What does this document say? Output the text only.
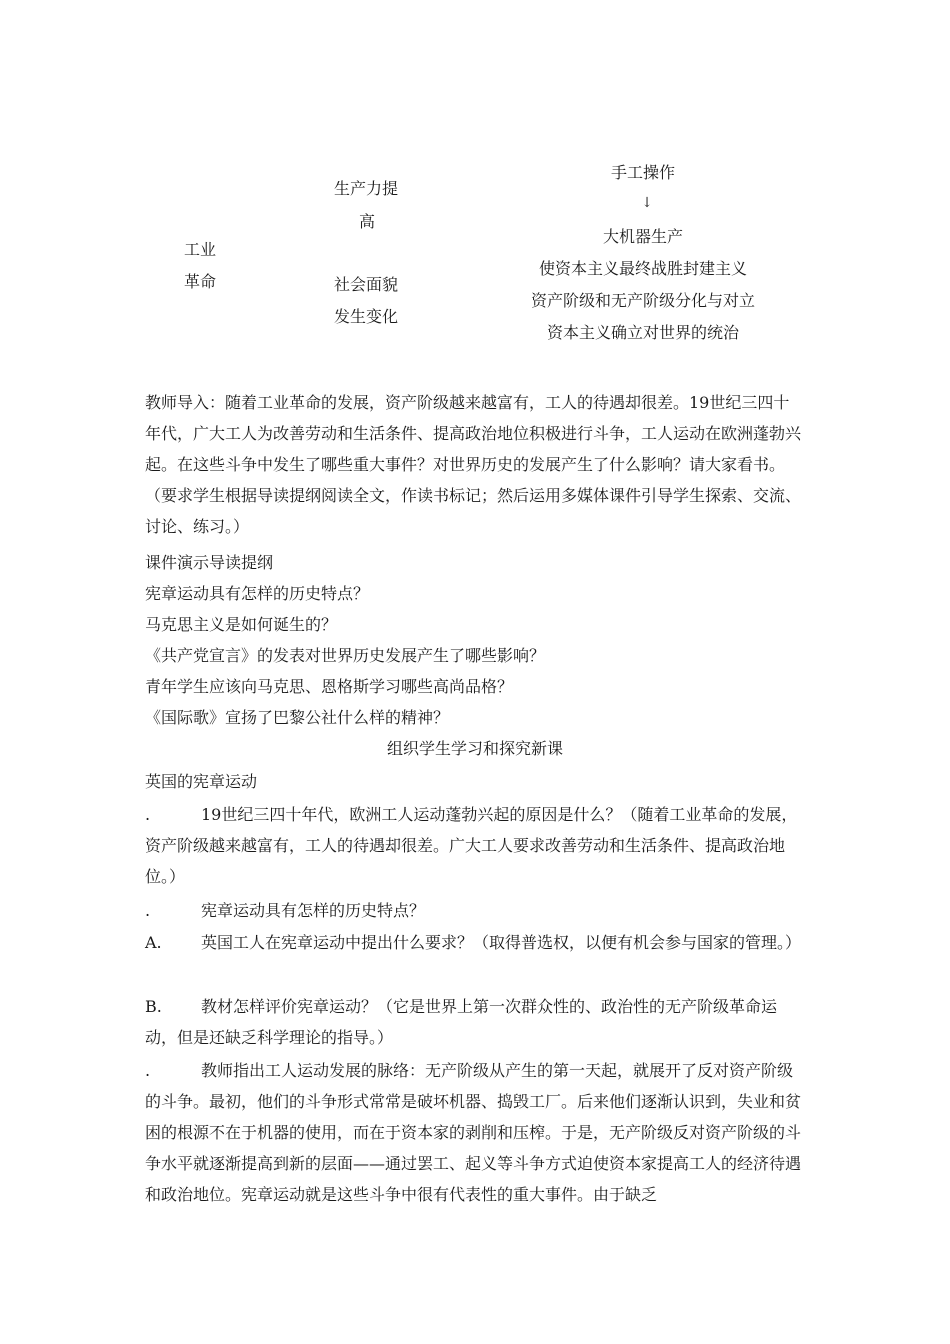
工业
革命
生产力提
高
社会面貌
发生变化
手工操作
↓
大机器生产
使资本主义最终战胜封建主义
资产阶级和无产阶级分化与对立
资本主义确立对世界的统治

教师导入：随着工业革命的发展，资产阶级越来越富有，工人的待遇却很差。19世纪三四十年代，广大工人为改善劳动和生活条件、提高政治地位积极进行斗争，工人运动在欧洲蓬勃兴起。在这些斗争中发生了哪些重大事件？对世界历史的发展产生了什么影响？请大家看书。（要求学生根据导读提纲阅读全文，作读书标记；然后运用多媒体课件引导学生探索、交流、讨论、练习。）

课件演示导读提纲
宪章运动具有怎样的历史特点？
马克思主义是如何诞生的？
《共产党宣言》的发表对世界历史发展产生了哪些影响？
青年学生应该向马克思、恩格斯学习哪些高尚品格？
《国际歌》宣扬了巴黎公社什么样的精神？
组织学生学习和探究新课
英国的宪章运动

.	19世纪三四十年代，欧洲工人运动蓬勃兴起的原因是什么？（随着工业革命的发展，资产阶级越来越富有，工人的待遇却很差。广大工人要求改善劳动和生活条件、提高政治地位。）

.	宪章运动具有怎样的历史特点？

A. 英国工人在宪章运动中提出什么要求？（取得普选权，以便有机会参与国家的管理。）

B. 教材怎样评价宪章运动？（它是世界上第一次群众性的、政治性的无产阶级革命运动，但是还缺乏科学理论的指导。）

.	教师指出工人运动发展的脉络：无产阶级从产生的第一天起，就展开了反对资产阶级的斗争。最初，他们的斗争形式常常是破坏机器、捣毁工厂。后来他们逐渐认识到，失业和贫困的根源不在于机器的使用，而在于资本家的剥削和压榨。于是，无产阶级反对资产阶级的斗争水平就逐渐提高到新的层面——通过罢工、起义等斗争方式迫使资本家提高工人的经济待遇和政治地位。宪章运动就是这些斗争中很有代表性的重大事件。由于缺乏
